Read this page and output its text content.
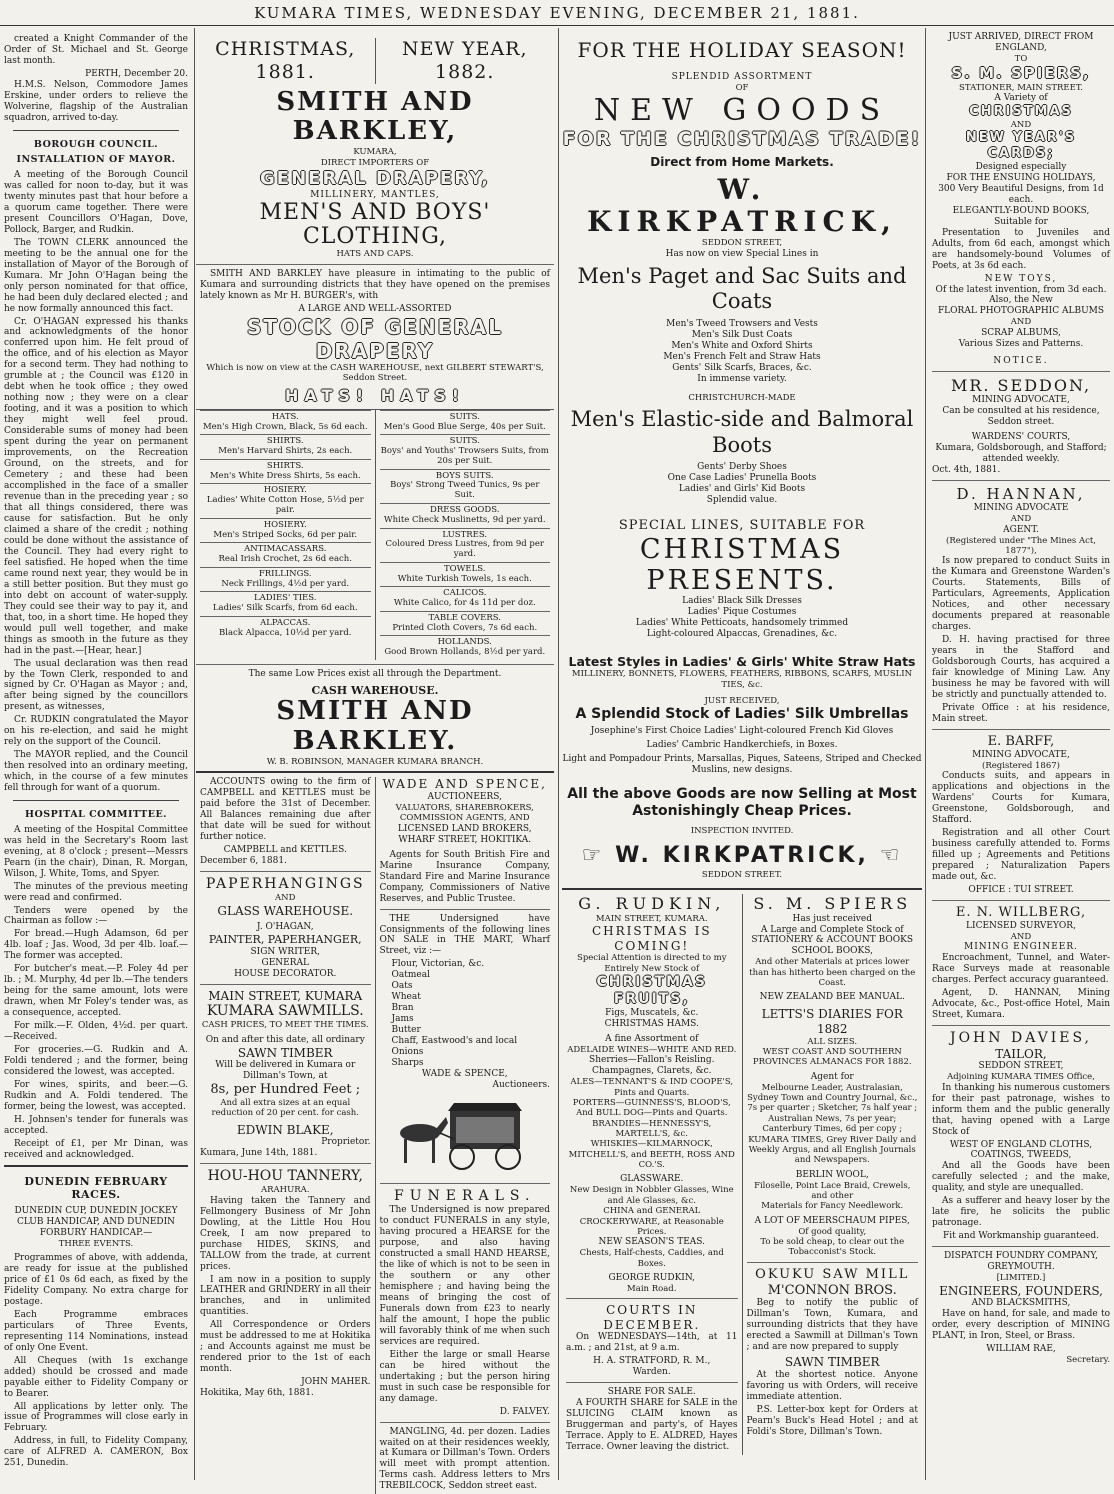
KUMARA TIMES, WEDNESDAY EVENING, DECEMBER 21, 1881.

created a Knight Commander of the Order of St. Michael and St. George last month.

PERTH, December 20.

H.M.S. Nelson, Commodore James Erskine, under orders to relieve the Wolverine, flagship of the Australian squadron, arrived to-day.

BOROUGH COUNCIL.
INSTALLATION OF MAYOR.

A meeting of the Borough Council was called for noon to-day, but it was twenty minutes past that hour before a a quorum came together. There were present Councillors O'Hagan, Dove, Pollock, Barger, and Rudkin.

The TOWN CLERK announced the meeting to be the annual one for the installation of Mayor of the Borough of Kumara. Mr John O'Hagan being the only person nominated for that office, he had been duly declared elected ; and he now formally announced this fact.

Cr. O'HAGAN expressed his thanks and acknowledgments of the honor conferred upon him. He felt proud of the office, and of his election as Mayor for a second term. They had nothing to grumble at ; the Council was £120 in debt when he took office ; they owed nothing now ; they were on a clear footing, and it was a position to which they might well feel proud. Considerable sums of money had been spent during the year on permanent improvements, on the Recreation Ground, on the streets, and for Cemetery ; and these had been accomplished in the face of a smaller revenue than in the preceding year ; so that all things considered, there was cause for satisfaction. But he only claimed a share of the credit ; nothing could be done without the assistance of the Council. They had every right to feel satisfied. He hoped when the time came round next year, they would be in a still better position. But they must go into debt on account of water-supply. They could see their way to pay it, and that, too, in a short time. He hoped they would pull well together, and make things as smooth in the future as they had in the past.—[Hear, hear.]

The usual declaration was then read by the Town Clerk, responded to and signed by Cr. O'Hagan as Mayor ; and, after being signed by the councillors present, as witnesses,

Cr. RUDKIN congratulated the Mayor on his re-election, and said he might rely on the support of the Council.

The MAYOR replied, and the Council then resolved into an ordinary meeting, which, in the course of a few minutes fell through for want of a quorum.

HOSPITAL COMMITTEE.

A meeting of the Hospital Committee was held in the Secretary's Room last evening, at 8 o'clock ; present—Messrs Pearn (in the chair), Dinan, R. Morgan, Wilson, J. White, Toms, and Spyer.

The minutes of the previous meeting were read and confirmed.

Tenders were opened by the Chairman as follow :—

For bread.—Hugh Adamson, 6d per 4lb. loaf ; Jas. Wood, 3d per 4lb. loaf.—The former was accepted.

For butcher's meat.—P. Foley 4d per lb. ; M. Murphy, 4d per lb.—The tenders being for the same amount, lots were drawn, when Mr Foley's tender was, as a consequence, accepted.

For milk.—F. Olden, 4½d. per quart.—Received.

For groceries.—G. Rudkin and A. Foldi tendered ; and the former, being considered the lowest, was accepted.

For wines, spirits, and beer.—G. Rudkin and A. Foldi tendered. The former, being the lowest, was accepted.

H. Johnsen's tender for funerals was accepted.

Receipt of £1, per Mr Dinan, was received and acknowledged.

DUNEDIN FEBRUARY RACES.
DUNEDIN CUP, DUNEDIN JOCKEY CLUB HANDICAP, AND DUNEDIN FORBURY HANDICAP.—
THREE EVENTS.

Programmes of above, with addenda, are ready for issue at the published price of £1 0s 6d each, as fixed by the Fidelity Company. No extra charge for postage.

Each Programme embraces particulars of Three Events, representing 114 Nominations, instead of only One Event.

All Cheques (with 1s exchange added) should be crossed and made payable either to Fidelity Company or to Bearer.

All applications by letter only. The issue of Programmes will close early in February.

Address, in full, to Fidelity Company, care of ALFRED A. CAMERON, Box 251, Dunedin.

CHRISTMAS,
1881.
NEW YEAR,
1882.
SMITH AND BARKLEY,
KUMARA,
DIRECT IMPORTERS OF
GENERAL DRAPERY,
MILLINERY, MANTLES,
MEN'S AND BOYS' CLOTHING,
HATS AND CAPS.

SMITH AND BARKLEY have pleasure in intimating to the public of Kumara and surrounding districts that they have opened on the premises lately known as Mr H. BURGER's, with

A LARGE AND WELL-ASSORTED
STOCK OF GENERAL DRAPERY
Which is now on view at the CASH WAREHOUSE, next GILBERT STEWART'S, Seddon Street.
HATS! HATS!
HATS.
Men's High Crown, Black, 5s 6d each.
SHIRTS.
Men's Harvard Shirts, 2s each.
SHIRTS.
Men's White Dress Shirts, 5s each.
HOSIERY.
Ladies' White Cotton Hose, 5½d per pair.
HOSIERY.
Men's Striped Socks, 6d per pair.
ANTIMACASSARS.
Real Irish Crochet, 2s 6d each.
FRILLINGS.
Neck Frillings, 4½d per yard.
LADIES' TIES.
Ladies' Silk Scarfs, from 6d each.
ALPACCAS.
Black Alpacca, 10½d per yard.
SUITS.
Men's Good Blue Serge, 40s per Suit.
SUITS.
Boys' and Youths' Trowsers Suits, from 20s per Suit.
BOYS SUITS.
Boys' Strong Tweed Tunics, 9s per Suit.
DRESS GOODS.
White Check Muslinetts, 9d per yard.
LUSTRES.
Coloured Dress Lustres, from 9d per yard.
TOWELS.
White Turkish Towels, 1s each.
CALICOS.
White Calico, for 4s 11d per doz.
TABLE COVERS.
Printed Cloth Covers, 7s 6d each.
HOLLANDS.
Good Brown Hollands, 8½d per yard.
The same Low Prices exist all through the Department.
CASH WAREHOUSE.
SMITH AND BARKLEY.
W. B. ROBINSON, MANAGER KUMARA BRANCH.

ACCOUNTS owing to the firm of CAMPBELL and KETTLES must be paid before the 31st of December. All Balances remaining due after that date will be sued for without further notice.

CAMPBELL and KETTLES.
December 6, 1881.
PAPERHANGINGS
AND
GLASS WAREHOUSE.
J. O'HAGAN,
PAINTER, PAPERHANGER,
SIGN WRITER,
GENERAL
HOUSE DECORATOR.
MAIN STREET, KUMARA
KUMARA SAWMILLS.
CASH PRICES, TO MEET THE TIMES.
On and after this date, all ordinary
SAWN TIMBER
Will be delivered in Kumara or Dillman's Town, at
8s, per Hundred Feet ;
And all extra sizes at an equal reduction of 20 per cent. for cash.
EDWIN BLAKE,
Proprietor.
Kumara, June 14th, 1881.
HOU-HOU TANNERY,
ARAHURA.

Having taken the Tannery and Fellmongery Business of Mr John Dowling, at the Little Hou Hou Creek, I am now prepared to purchase HIDES, SKINS, and TALLOW from the trade, at current prices.

I am now in a position to supply LEATHER and GRINDERY in all their branches, and in unlimited quantities.

All Correspondence or Orders must be addressed to me at Hokitika ; and Accounts against me must be rendered prior to the 1st of each month.

JOHN MAHER.
Hokitika, May 6th, 1881.
WADE AND SPENCE,
AUCTIONEERS,
VALUATORS, SHAREBROKERS, COMMISSION AGENTS, AND
LICENSED LAND BROKERS,
WHARF STREET, HOKITIKA.

Agents for South British Fire and Marine Insurance Company, Standard Fire and Marine Insurance Company, Commissioners of Native Reserves, and Public Trustee.

THE Undersigned have Consignments of the following lines ON SALE in THE MART, Wharf Street, viz :—

Flour, Victorian, &c.
Oatmeal
Oats
Wheat
Bran
Jams
Butter
Chaff, Eastwood's and local
Onions
Sharps
WADE & SPENCE,
Auctioneers.
FUNERALS.

The Undersigned is now prepared to conduct FUNERALS in any style, having procured a HEARSE for the purpose, and also having constructed a small HAND HEARSE, the like of which is not to be seen in the southern or any other hemisphere ; and having being the means of bringing the cost of Funerals down from £23 to nearly half the amount, I hope the public will favorably think of me when such services are required.

Either the large or small Hearse can be hired without the undertaking ; but the person hiring must in such case be responsible for any damage.

D. FALVEY.

MANGLING, 4d. per dozen. Ladies waited on at their residences weekly, at Kumara or Dillman's Town. Orders will meet with prompt attention. Terms cash. Address letters to Mrs TREBILCOCK, Seddon street east.

FOR THE HOLIDAY SEASON!
SPLENDID ASSORTMENT
OF
NEW GOODS
FOR THE CHRISTMAS TRADE!
Direct from Home Markets.
W. KIRKPATRICK,
SEDDON STREET,
Has now on view Special Lines in
Men's Paget and Sac Suits and Coats
Men's Tweed Trowsers and Vests
Men's Silk Dust Coats
Men's White and Oxford Shirts
Men's French Felt and Straw Hats
Gents' Silk Scarfs, Braces, &c.
In immense variety.
CHRISTCHURCH-MADE
Men's Elastic-side and Balmoral Boots
Gents' Derby Shoes
One Case Ladies' Prunella Boots
Ladies' and Girls' Kid Boots
Splendid value.
SPECIAL LINES, SUITABLE FOR
CHRISTMAS PRESENTS.
Ladies' Black Silk Dresses
Ladies' Pique Costumes
Ladies' White Petticoats, handsomely trimmed
Light-coloured Alpaccas, Grenadines, &c.
Latest Styles in Ladies' & Girls' White Straw Hats
MILLINERY, BONNETS, FLOWERS, FEATHERS, RIBBONS, SCARFS, MUSLIN TIES, &c.
JUST RECEIVED,
A Splendid Stock of Ladies' Silk Umbrellas
Josephine's First Choice Ladies' Light-coloured French Kid Gloves
Ladies' Cambric Handkerchiefs, in Boxes.
Light and Pompadour Prints, Marsallas, Piques, Sateens, Striped and Checked Muslins, new designs.
All the above Goods are now Selling at Most Astonishingly Cheap Prices.
INSPECTION INVITED.
☞ W. KIRKPATRICK, ☜
SEDDON STREET.
G. RUDKIN,
MAIN STREET, KUMARA.
CHRISTMAS IS COMING!
Special Attention is directed to my Entirely New Stock of
CHRISTMAS FRUITS,
Figs, Muscatels, &c.
CHRISTMAS HAMS.
A fine Assortment of
ADELAIDE WINES—WHITE AND RED.
Sherries—Fallon's Reisling.
Champagnes, Clarets, &c.
ALES—TENNANT'S & IND COOPE'S, Pints and Quarts.
PORTERS—GUINNESS'S, BLOOD'S, And BULL DOG—Pints and Quarts.
BRANDIES—HENNESSY'S, MARTELL'S, &c.
WHISKIES—KILMARNOCK, MITCHELL'S, and BEETH, ROSS AND CO.'S.
GLASSWARE.
New Design in Nobbler Glasses, Wine and Ale Glasses, &c.
CHINA and GENERAL CROCKERYWARE, at Reasonable Prices.
NEW SEASON'S TEAS.
Chests, Half-chests, Caddies, and Boxes.
GEORGE RUDKIN,
Main Road.
COURTS IN DECEMBER.

On WEDNESDAYS—14th, at 11 a.m. ; and 21st, at 9 a.m.

H. A. STRATFORD, R. M.,
Warden.
SHARE FOR SALE.

A FOURTH SHARE for SALE in the SLUICING CLAIM known as Bruggerman and party's, of Hayes Terrace. Apply to E. ALDRED, Hayes Terrace. Owner leaving the district.

S. M. SPIERS
Has just received
A Large and Complete Stock of
STATIONERY & ACCOUNT BOOKS
SCHOOL BOOKS,
And other Materials at prices lower than has hitherto been charged on the Coast.
NEW ZEALAND BEE MANUAL.
LETTS'S DIARIES FOR 1882
ALL SIZES.
WEST COAST AND SOUTHERN PROVINCES ALMANACS FOR 1882.
Agent for
Melbourne Leader, Australasian, Sydney Town and Country Journal, &c., 7s per quarter ; Sketcher, 7s half year ; Australian News, 7s per year; Canterbury Times, 6d per copy ; KUMARA TIMES, Grey River Daily and Weekly Argus, and all English Journals and Newspapers.
BERLIN WOOL,
Filoselle, Point Lace Braid, Crewels, and other
Materials for Fancy Needlework.
A LOT OF MEERSCHAUM PIPES,
Of good quality,
To be sold cheap, to clear out the Tobacconist's Stock.
OKUKU SAW MILL
M'CONNON BROS.

Beg to notify the public of Dillman's Town, Kumara, and surrounding districts that they have erected a Sawmill at Dillman's Town ; and are now prepared to supply

SAWN TIMBER

At the shortest notice. Anyone favoring us with Orders, will receive immediate attention.

P.S. Letter-box kept for Orders at Pearn's Buck's Head Hotel ; and at Foldi's Store, Dillman's Town.

JUST ARRIVED, DIRECT FROM ENGLAND,
TO
S. M. SPIERS,
STATIONER, MAIN STREET.
A Variety of
CHRISTMAS
AND
NEW YEAR'S CARDS;
Designed especially
FOR THE ENSUING HOLIDAYS,
300 Very Beautiful Designs, from 1d each.
ELEGANTLY-BOUND BOOKS,
Suitable for

Presentation to Juveniles and Adults, from 6d each, amongst which are handsomely-bound Volumes of Poets, at 3s 6d each.

NEW TOYS,
Of the latest invention, from 3d each.
Also, the New
FLORAL PHOTOGRAPHIC ALBUMS
AND
SCRAP ALBUMS,
Various Sizes and Patterns.
NOTICE.
MR. SEDDON,
MINING ADVOCATE,
Can be consulted at his residence, Seddon street.
WARDENS' COURTS,
Kumara, Goldsborough, and Stafford; attended weekly.
Oct. 4th, 1881.
D. HANNAN,
MINING ADVOCATE
AND
AGENT.
(Registered under "The Mines Act, 1877"),

Is now prepared to conduct Suits in the Kumara and Greenstone Warden's Courts. Statements, Bills of Particulars, Agreements, Application Notices, and other necessary documents prepared at reasonable charges.

D. H. having practised for three years in the Stafford and Goldsborough Courts, has acquired a fair knowledge of Mining Law. Any business he may be favored with will be strictly and punctually attended to.

Private Office : at his residence, Main street.

E. BARFF,
MINING ADVOCATE,
(Registered 1867)

Conducts suits, and appears in applications and objections in the Wardens' Courts for Kumara, Greenstone, Goldsborough, and Stafford.

Registration and all other Court business carefully attended to. Forms filled up ; Agreements and Petitions prepared ; Naturalization Papers made out, &c.

OFFICE : TUI STREET.
E. N. WILLBERG,
LICENSED SURVEYOR,
AND
MINING ENGINEER.

Encroachment, Tunnel, and Water-Race Surveys made at reasonable charges. Perfect accuracy guaranteed.

Agent, D. HANNAN, Mining Advocate, &c., Post-office Hotel, Main Street, Kumara.

JOHN DAVIES,
TAILOR,
SEDDON STREET,
Adjoining KUMARA TIMES Office,

In thanking his numerous customers for their past patronage, wishes to inform them and the public generally that, having opened with a Large Stock of

WEST OF ENGLAND CLOTHS,
COATINGS, TWEEDS,

And all the Goods have been carefully selected ; and the make, quality, and style are unequalled.

As a sufferer and heavy loser by the late fire, he solicits the public patronage.

Fit and Workmanship guaranteed.
DISPATCH FOUNDRY COMPANY, GREYMOUTH.
[LIMITED.]
ENGINEERS, FOUNDERS,
AND BLACKSMITHS,

Have on hand, for sale, and made to order, every description of MINING PLANT, in Iron, Steel, or Brass.

WILLIAM RAE,
Secretary.
